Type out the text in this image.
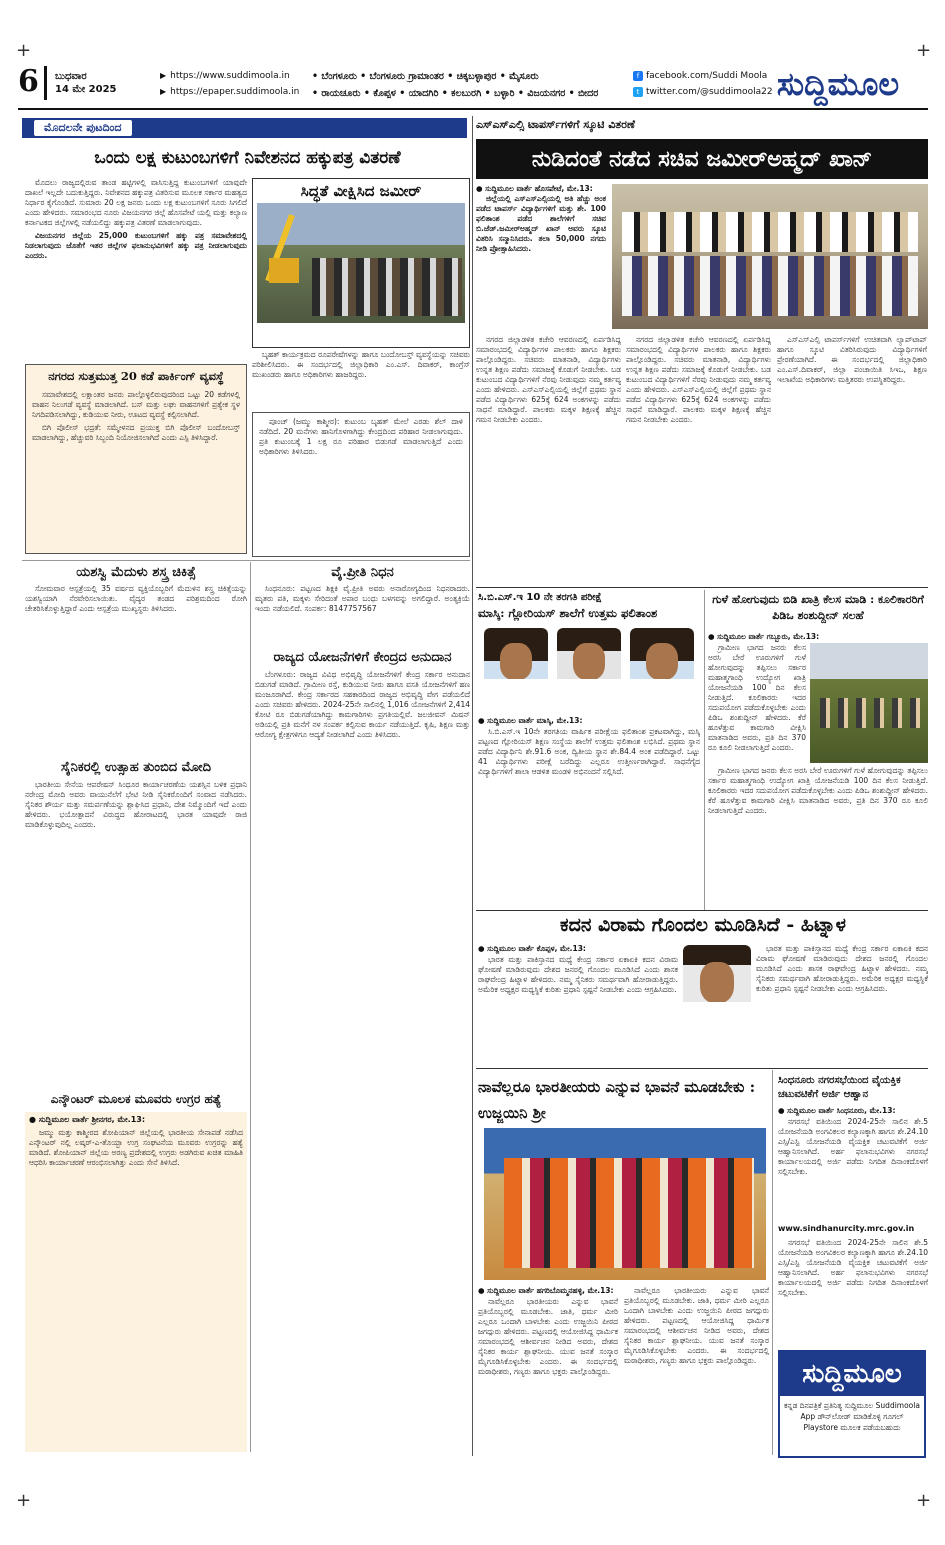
6 ಬುಧವಾರ
14 ಮೇ 2025
▶ https://www.suddimoola.in
▶ https://epaper.suddimoola.in
• ಬೆಂಗಳೂರು • ಬೆಂಗಳೂರು ಗ್ರಾಮಾಂತರ • ಚಿಕ್ಕಬಳ್ಳಾಪುರ • ಮೈಸೂರು
• ರಾಯಚೂರು • ಕೊಪ್ಪಳ • ಯಾದಗಿರಿ • ಕಲಬುರಗಿ • ಬಳ್ಳಾರಿ • ವಿಜಯನಗರ • ಬೀದರ
f facebook.com/Suddi Moola
t twitter.com/@suddimoola22 ಸುದ್ದಿಮೂಲ
ಮೊದಲನೇ ಪುಟದಿಂದ
ಒಂದು ಲಕ್ಷ ಕುಟುಂಬಗಳಿಗೆ ನಿವೇಶನದ ಹಕ್ಕುಪತ್ರ ವಿತರಣೆ

ಮೊದಲು ರಾಜ್ಯದಲ್ಲಿರುವ ತಾಂಡ ಹಟ್ಟಿಗಳಲ್ಲಿ ವಾಸಿಸುತ್ತಿದ್ದ ಕುಟುಂಬಗಳಿಗೆ ಯಾವುದೇ ದಾಖಲೆ ಇಲ್ಲದೇ ಬದುಕುತ್ತಿದ್ದರು. ನಿವೇಶನದ ಹಕ್ಕುಪತ್ರ ವಿತರಿಸುವ ಮೂಲಕ ಸರ್ಕಾರ ಮಹತ್ವದ ನಿರ್ಧಾರ ಕೈಗೊಂಡಿದೆ. ಸುಮಾರು 20 ಲಕ್ಷ ಜನರು ಒಂದು ಲಕ್ಷ ಕುಟುಂಬಗಳಿಗೆ ಸೂರು ಸಿಗಲಿದೆ ಎಂದು ಹೇಳಿದರು. ಸಮಾರಂಭದ ನೂರು ವಿಜಯನಗರ ಜಿಲ್ಲೆ ಹೊಸಪೇಟೆ ಯಲ್ಲಿ ಮತ್ತು ಕಲ್ಯಾಣ ಕರ್ನಾಟಕದ ಜಿಲ್ಲೆಗಳಲ್ಲಿ ನಡೆಯಲಿದ್ದು ಹಕ್ಕುಪತ್ರ ವಿತರಣೆ ಮಾಡಲಾಗುವುದು.

ವಿಜಯನಗರ ಜಿಲ್ಲೆಯ 25,000 ಕುಟುಂಬಗಳಿಗೆ ಹಕ್ಕು ಪತ್ರ ಸಮಾವೇಶದಲ್ಲಿ ನಿಡಲಾಗುವುದು ಜೊತೆಗೆ ಇತರ ಜಿಲ್ಲೆಗಳ ಫಲಾನುಭವಿಗಳಿಗೆ ಹಕ್ಕು ಪತ್ರ ನೀಡಲಾಗುವುದು ಎಂದರು.

ಸಿದ್ಧತೆ ವೀಕ್ಷಿಸಿದ ಜಮೀರ್

ಬೃಹತ್ ಕಾರ್ಯಕ್ರಮದ ರೂಪರೇಷೆಗಳನ್ನು ಹಾಗೂ ಬಂದೋಬಸ್ತ್ ವ್ಯವಸ್ಥೆಯನ್ನು ಸಚಿವರು ಪರಿಶೀಲಿಸಿದರು. ಈ ಸಂದರ್ಭದಲ್ಲಿ ಜಿಲ್ಲಾಧಿಕಾರಿ ಎಂ.ಎಸ್. ದಿವಾಕರ್, ಕಾಂಗ್ರೆಸ್ ಮುಖಂಡರು ಹಾಗೂ ಅಧಿಕಾರಿಗಳು ಹಾಜರಿದ್ದರು.

ನಗರದ ಸುತ್ತಮುತ್ತ 20 ಕಡೆ ಪಾರ್ಕಿಂಗ್ ವ್ಯವಸ್ಥೆ

ಸಮಾವೇಶದಲ್ಲಿ ಲಕ್ಷಾಂತರ ಜನರು ಪಾಲ್ಗೊಳ್ಳಲಿರುವುದರಿಂದ ಒಟ್ಟು 20 ಕಡೆಗಳಲ್ಲಿ ವಾಹನ ನಿಲುಗಡೆ ವ್ಯವಸ್ಥೆ ಮಾಡಲಾಗಿದೆ. ಬಸ್ ಮತ್ತು ಲಘು ವಾಹನಗಳಿಗೆ ಪ್ರತ್ಯೇಕ ಸ್ಥಳ ನಿಗದಿಪಡಿಸಲಾಗಿದ್ದು, ಕುಡಿಯುವ ನೀರು, ಊಟದ ವ್ಯವಸ್ಥೆ ಕಲ್ಪಿಸಲಾಗಿದೆ.

ಬಿಗಿ ಪೊಲೀಸ್ ಭದ್ರತೆ: ಸಮ್ಮೇಳನದ ಪ್ರಯುಕ್ತ ಬಿಗಿ ಪೊಲೀಸ್ ಬಂದೋಬಸ್ತ್ ಮಾಡಲಾಗಿದ್ದು, ಹೆಚ್ಚುವರಿ ಸಿಬ್ಬಂದಿ ನಿಯೋಜಿಸಲಾಗಿದೆ ಎಂದು ಎಸ್ಪಿ ತಿಳಿಸಿದ್ದಾರೆ.

ಪೂಂಚ್ (ಜಮ್ಮು ಕಾಶ್ಮೀರ): ಕುಟುಂಬ ಬೃಹತ್ ಮೇಲೆ ಎರಡು ಶೆಲ್ ದಾಳಿ ನಡೆದಿದೆ. 20 ಮನೆಗಳು ಹಾನಿಗೊಳಗಾಗಿದ್ದು ಕೇಂದ್ರದಿಂದ ಪರಿಹಾರ ನೀಡಲಾಗುವುದು. ಪ್ರತಿ ಕುಟುಂಬಕ್ಕೆ 1 ಲಕ್ಷ ರೂ ಪರಿಹಾರ ಬಿಡುಗಡೆ ಮಾಡಲಾಗುತ್ತಿದೆ ಎಂದು ಅಧಿಕಾರಿಗಳು ತಿಳಿಸಿದರು.

ಯಶಸ್ವಿ ಮೆದುಳು ಶಸ್ತ್ರ ಚಿಕಿತ್ಸೆ

ಸೋಮವಾರ ಆಸ್ಪತ್ರೆಯಲ್ಲಿ 35 ವರ್ಷದ ವ್ಯಕ್ತಿಯೊಬ್ಬರಿಗೆ ಮೆದುಳಿನ ಶಸ್ತ್ರ ಚಿಕಿತ್ಸೆಯನ್ನು ಯಶಸ್ವಿಯಾಗಿ ನೆರವೇರಿಸಲಾಯಿತು. ವೈದ್ಯರ ತಂಡದ ಪರಿಶ್ರಮದಿಂದ ರೋಗಿ ಚೇತರಿಸಿಕೊಳ್ಳುತ್ತಿದ್ದಾರೆ ಎಂದು ಆಸ್ಪತ್ರೆಯ ಮುಖ್ಯಸ್ಥರು ತಿಳಿಸಿದರು.

ಸೈನಿಕರಲ್ಲಿ ಉತ್ಸಾಹ ತುಂಬಿದ ಮೋದಿ

ಭಾರತೀಯ ಸೇನೆಯ ಆಪರೇಷನ್ ಸಿಂಧೂರ ಕಾರ್ಯಾಚರಣೆಯ ಯಶಸ್ಸಿನ ಬಳಿಕ ಪ್ರಧಾನಿ ನರೇಂದ್ರ ಮೋದಿ ಅವರು ವಾಯುನೆಲೆಗೆ ಭೇಟಿ ನೀಡಿ ಸೈನಿಕರೊಂದಿಗೆ ಸಂವಾದ ನಡೆಸಿದರು. ಸೈನಿಕರ ಶೌರ್ಯ ಮತ್ತು ಸಮರ್ಪಣೆಯನ್ನು ಶ್ಲಾಘಿಸಿದ ಪ್ರಧಾನಿ, ದೇಶ ನಿಮ್ಮೊಂದಿಗೆ ಇದೆ ಎಂದು ಹೇಳಿದರು. ಭಯೋತ್ಪಾದನೆ ವಿರುದ್ಧದ ಹೋರಾಟದಲ್ಲಿ ಭಾರತ ಯಾವುದೇ ರಾಜಿ ಮಾಡಿಕೊಳ್ಳುವುದಿಲ್ಲ ಎಂದರು.

ಎನ್ಕೌಂಟರ್ ಮೂಲಕ ಮೂವರು ಉಗ್ರರ ಹತ್ಯೆ
● ಸುದ್ದಿಮೂಲ ವಾರ್ತೆ ಶ್ರೀನಗರ, ಮೇ.13:

ಜಮ್ಮು ಮತ್ತು ಕಾಶ್ಮೀರದ ಶೋಪಿಯಾನ್ ಜಿಲ್ಲೆಯಲ್ಲಿ ಭಾರತೀಯ ಸೇನಾಪಡೆ ನಡೆಸಿದ ಎನ್ಕೌಂಟರ್ ನಲ್ಲಿ ಲಷ್ಕರ್-ಎ-ತೊಯ್ಬಾ ಉಗ್ರ ಸಂಘಟನೆಯ ಮೂವರು ಉಗ್ರರನ್ನು ಹತ್ಯೆ ಮಾಡಿದೆ. ಶೋಪಿಯಾನ್ ಜಿಲ್ಲೆಯ ಅರಣ್ಯ ಪ್ರದೇಶದಲ್ಲಿ ಉಗ್ರರು ಅಡಗಿರುವ ಖಚಿತ ಮಾಹಿತಿ ಆಧರಿಸಿ ಕಾರ್ಯಾಚರಣೆ ಆರಂಭಿಸಲಾಗಿತ್ತು ಎಂದು ಸೇನೆ ತಿಳಿಸಿದೆ.

ವೈ.ಪ್ರೀತಿ ನಿಧನ

ಸಿಂಧನೂರು: ಪಟ್ಟಣದ ಶಿಕ್ಷಕಿ ವೈ.ಪ್ರೀತಿ ಅವರು ಅನಾರೋಗ್ಯದಿಂದ ನಿಧನರಾದರು. ಮೃತರು ಪತಿ, ಮಕ್ಕಳು ಸೇರಿದಂತೆ ಅಪಾರ ಬಂಧು ಬಳಗವನ್ನು ಅಗಲಿದ್ದಾರೆ. ಅಂತ್ಯಕ್ರಿಯೆ ಇಂದು ನಡೆಯಲಿದೆ. ಸಂಪರ್ಕ: 8147757567

ರಾಜ್ಯದ ಯೋಜನೆಗಳಿಗೆ ಕೇಂದ್ರದ ಅನುದಾನ

ಬೆಂಗಳೂರು: ರಾಜ್ಯದ ವಿವಿಧ ಅಭಿವೃದ್ಧಿ ಯೋಜನೆಗಳಿಗೆ ಕೇಂದ್ರ ಸರ್ಕಾರ ಅನುದಾನ ಬಿಡುಗಡೆ ಮಾಡಿದೆ. ಗ್ರಾಮೀಣ ರಸ್ತೆ, ಕುಡಿಯುವ ನೀರು ಹಾಗೂ ವಸತಿ ಯೋಜನೆಗಳಿಗೆ ಹಣ ಮಂಜೂರಾಗಿದೆ. ಕೇಂದ್ರ ಸರ್ಕಾರದ ಸಹಕಾರದಿಂದ ರಾಜ್ಯದ ಅಭಿವೃದ್ಧಿ ವೇಗ ಪಡೆಯಲಿದೆ ಎಂದು ಸಚಿವರು ಹೇಳಿದರು. 2024-25ನೇ ಸಾಲಿನಲ್ಲಿ 1,016 ಯೋಜನೆಗಳಿಗೆ 2,414 ಕೋಟಿ ರೂ ಬಿಡುಗಡೆಯಾಗಿದ್ದು ಕಾಮಗಾರಿಗಳು ಪ್ರಗತಿಯಲ್ಲಿವೆ. ಜಲಜೀವನ್ ಮಿಷನ್ ಅಡಿಯಲ್ಲಿ ಪ್ರತಿ ಮನೆಗೆ ನಳ ಸಂಪರ್ಕ ಕಲ್ಪಿಸುವ ಕಾರ್ಯ ನಡೆಯುತ್ತಿದೆ. ಕೃಷಿ, ಶಿಕ್ಷಣ ಮತ್ತು ಆರೋಗ್ಯ ಕ್ಷೇತ್ರಗಳಿಗೂ ಆದ್ಯತೆ ನೀಡಲಾಗಿದೆ ಎಂದು ತಿಳಿಸಿದರು.

ಎಸ್ಎಸ್ಎಲ್ಸಿ ಟಾಪರ್ಸ್‌ಗಳಿಗೆ ಸ್ಕೂಟಿ ವಿತರಣೆ
ನುಡಿದಂತೆ ನಡೆದ ಸಚಿವ ಜಮೀರ್‌ಅಹ್ಮದ್ ಖಾನ್
● ಸುದ್ದಿಮೂಲ ವಾರ್ತೆ ಹೊಸಪೇಟೆ, ಮೇ.13:

ಜಿಲ್ಲೆಯಲ್ಲಿ ಎಸ್ಎಸ್ಎಲ್ಸಿಯಲ್ಲಿ ಅತಿ ಹೆಚ್ಚು ಅಂಕ ಪಡೆದ ಟಾಪರ್ಸ್ ವಿದ್ಯಾರ್ಥಿಗಳಿಗೆ ಮತ್ತು ಶೇ. 100 ಫಲಿತಾಂಶ ಪಡೆದ ಶಾಲೆಗಳಿಗೆ ಸಚಿವ ಬಿ.ಜೆಡ್.ಜಮೀರ್‌ಅಹ್ಮದ್ ಖಾನ್ ಅವರು ಸ್ಕೂಟಿ ವಿತರಿಸಿ ಸನ್ಮಾನಿಸಿದರು. ತಲಾ 50,000 ನಗದು ನೀಡಿ ಪ್ರೋತ್ಸಾಹಿಸಿದರು.

ನಗರದ ಜಿಲ್ಲಾಡಳಿತ ಕಚೇರಿ ಆವರಣದಲ್ಲಿ ಏರ್ಪಡಿಸಿದ್ದ ಸಮಾರಂಭದಲ್ಲಿ ವಿದ್ಯಾರ್ಥಿಗಳ ಪಾಲಕರು ಹಾಗೂ ಶಿಕ್ಷಕರು ಪಾಲ್ಗೊಂಡಿದ್ದರು. ಸಚಿವರು ಮಾತನಾಡಿ, ವಿದ್ಯಾರ್ಥಿಗಳು ಉನ್ನತ ಶಿಕ್ಷಣ ಪಡೆದು ಸಮಾಜಕ್ಕೆ ಕೊಡುಗೆ ನೀಡಬೇಕು. ಬಡ ಕುಟುಂಬದ ವಿದ್ಯಾರ್ಥಿಗಳಿಗೆ ನೆರವು ನೀಡುವುದು ನಮ್ಮ ಕರ್ತವ್ಯ ಎಂದು ಹೇಳಿದರು. ಎಸ್ಎಸ್ಎಲ್ಸಿಯಲ್ಲಿ ಜಿಲ್ಲೆಗೆ ಪ್ರಥಮ ಸ್ಥಾನ ಪಡೆದ ವಿದ್ಯಾರ್ಥಿಗಳು 625ಕ್ಕೆ 624 ಅಂಕಗಳನ್ನು ಪಡೆದು ಸಾಧನೆ ಮಾಡಿದ್ದಾರೆ. ಪಾಲಕರು ಮಕ್ಕಳ ಶಿಕ್ಷಣಕ್ಕೆ ಹೆಚ್ಚಿನ ಗಮನ ನೀಡಬೇಕು ಎಂದರು.

ನಗರದ ಜಿಲ್ಲಾಡಳಿತ ಕಚೇರಿ ಆವರಣದಲ್ಲಿ ಏರ್ಪಡಿಸಿದ್ದ ಸಮಾರಂಭದಲ್ಲಿ ವಿದ್ಯಾರ್ಥಿಗಳ ಪಾಲಕರು ಹಾಗೂ ಶಿಕ್ಷಕರು ಪಾಲ್ಗೊಂಡಿದ್ದರು. ಸಚಿವರು ಮಾತನಾಡಿ, ವಿದ್ಯಾರ್ಥಿಗಳು ಉನ್ನತ ಶಿಕ್ಷಣ ಪಡೆದು ಸಮಾಜಕ್ಕೆ ಕೊಡುಗೆ ನೀಡಬೇಕು. ಬಡ ಕುಟುಂಬದ ವಿದ್ಯಾರ್ಥಿಗಳಿಗೆ ನೆರವು ನೀಡುವುದು ನಮ್ಮ ಕರ್ತವ್ಯ ಎಂದು ಹೇಳಿದರು. ಎಸ್ಎಸ್ಎಲ್ಸಿಯಲ್ಲಿ ಜಿಲ್ಲೆಗೆ ಪ್ರಥಮ ಸ್ಥಾನ ಪಡೆದ ವಿದ್ಯಾರ್ಥಿಗಳು 625ಕ್ಕೆ 624 ಅಂಕಗಳನ್ನು ಪಡೆದು ಸಾಧನೆ ಮಾಡಿದ್ದಾರೆ. ಪಾಲಕರು ಮಕ್ಕಳ ಶಿಕ್ಷಣಕ್ಕೆ ಹೆಚ್ಚಿನ ಗಮನ ನೀಡಬೇಕು ಎಂದರು.

ಎಸ್ಎಸ್ಎಲ್ಸಿ ಟಾಪರ್ಸ್‌ಗಳಿಗೆ ಉಚಿತವಾಗಿ ಲ್ಯಾಪ್‌ಟಾಪ್ ಹಾಗೂ ಸ್ಕೂಟಿ ವಿತರಿಸಿರುವುದು ವಿದ್ಯಾರ್ಥಿಗಳಿಗೆ ಪ್ರೇರಣೆಯಾಗಿದೆ. ಈ ಸಂದರ್ಭದಲ್ಲಿ ಜಿಲ್ಲಾಧಿಕಾರಿ ಎಂ.ಎಸ್.ದಿವಾಕರ್, ಜಿಲ್ಲಾ ಪಂಚಾಯಿತಿ ಸಿಇಒ, ಶಿಕ್ಷಣ ಇಲಾಖೆಯ ಅಧಿಕಾರಿಗಳು ಮತ್ತಿತರರು ಉಪಸ್ಥಿತರಿದ್ದರು.

ಸಿ.ಬಿ.ಎಸ್.ಇ 10 ನೇ ತರಗತಿ ಪರೀಕ್ಷೆ
ಮಾಸ್ಕಿ: ಗ್ಲೋರಿಯಸ್ ಶಾಲೆಗೆ ಉತ್ತಮ ಫಲಿತಾಂಶ
● ಸುದ್ದಿಮೂಲ ವಾರ್ತೆ ಮಾಸ್ಕಿ, ಮೇ.13:

ಸಿ.ಬಿ.ಎಸ್.ಇ 10ನೇ ತರಗತಿಯ ವಾರ್ಷಿಕ ಪರೀಕ್ಷೆಯ ಫಲಿತಾಂಶ ಪ್ರಕಟವಾಗಿದ್ದು, ಮಸ್ಕಿ ಪಟ್ಟಣದ ಗ್ಲೋರಿಯಸ್ ಶಿಕ್ಷಣ ಸಂಸ್ಥೆಯ ಶಾಲೆಗೆ ಉತ್ತಮ ಫಲಿತಾಂಶ ಲಭಿಸಿದೆ. ಪ್ರಥಮ ಸ್ಥಾನ ಪಡೆದ ವಿದ್ಯಾರ್ಥಿನಿ ಶೇ.91.6 ಅಂಕ, ದ್ವಿತೀಯ ಸ್ಥಾನ ಶೇ.84.4 ಅಂಕ ಪಡೆದಿದ್ದಾರೆ. ಒಟ್ಟು 41 ವಿದ್ಯಾರ್ಥಿಗಳು ಪರೀಕ್ಷೆ ಬರೆದಿದ್ದು ಎಲ್ಲರೂ ಉತ್ತೀರ್ಣರಾಗಿದ್ದಾರೆ. ಸಾಧನೆಗೈದ ವಿದ್ಯಾರ್ಥಿಗಳಿಗೆ ಶಾಲಾ ಆಡಳಿತ ಮಂಡಳಿ ಅಭಿನಂದನೆ ಸಲ್ಲಿಸಿದೆ.

ಗುಳೆ ಹೋಗುವುದು ಬಿಡಿ ಖಾತ್ರಿ ಕೆಲಸ ಮಾಡಿ : ಕೂಲಿಕಾರರಿಗೆ ಪಿಡಿಒ ಶಂಶುದ್ದೀನ್ ಸಲಹೆ
● ಸುದ್ದಿಮೂಲ ವಾರ್ತೆ ಗಬ್ಬೂರು, ಮೇ.13:

ಗ್ರಾಮೀಣ ಭಾಗದ ಜನರು ಕೆಲಸ ಅರಸಿ ಬೇರೆ ಊರುಗಳಿಗೆ ಗುಳೆ ಹೋಗುವುದನ್ನು ತಪ್ಪಿಸಲು ಸರ್ಕಾರ ಮಹಾತ್ಮಗಾಂಧಿ ಉದ್ಯೋಗ ಖಾತ್ರಿ ಯೋಜನೆಯಡಿ 100 ದಿನ ಕೆಲಸ ನೀಡುತ್ತಿದೆ. ಕೂಲಿಕಾರರು ಇದರ ಸದುಪಯೋಗ ಪಡೆದುಕೊಳ್ಳಬೇಕು ಎಂದು ಪಿಡಿಒ ಶಂಶುದ್ದೀನ್ ಹೇಳಿದರು. ಕೆರೆ ಹೂಳೆತ್ತುವ ಕಾಮಗಾರಿ ವೀಕ್ಷಿಸಿ ಮಾತನಾಡಿದ ಅವರು, ಪ್ರತಿ ದಿನ 370 ರೂ ಕೂಲಿ ನೀಡಲಾಗುತ್ತಿದೆ ಎಂದರು.

ಗ್ರಾಮೀಣ ಭಾಗದ ಜನರು ಕೆಲಸ ಅರಸಿ ಬೇರೆ ಊರುಗಳಿಗೆ ಗುಳೆ ಹೋಗುವುದನ್ನು ತಪ್ಪಿಸಲು ಸರ್ಕಾರ ಮಹಾತ್ಮಗಾಂಧಿ ಉದ್ಯೋಗ ಖಾತ್ರಿ ಯೋಜನೆಯಡಿ 100 ದಿನ ಕೆಲಸ ನೀಡುತ್ತಿದೆ. ಕೂಲಿಕಾರರು ಇದರ ಸದುಪಯೋಗ ಪಡೆದುಕೊಳ್ಳಬೇಕು ಎಂದು ಪಿಡಿಒ ಶಂಶುದ್ದೀನ್ ಹೇಳಿದರು. ಕೆರೆ ಹೂಳೆತ್ತುವ ಕಾಮಗಾರಿ ವೀಕ್ಷಿಸಿ ಮಾತನಾಡಿದ ಅವರು, ಪ್ರತಿ ದಿನ 370 ರೂ ಕೂಲಿ ನೀಡಲಾಗುತ್ತಿದೆ ಎಂದರು.

ಕದನ ವಿರಾಮ ಗೊಂದಲ ಮೂಡಿಸಿದೆ - ಹಿಟ್ನಾಳ
● ಸುದ್ದಿಮೂಲ ವಾರ್ತೆ ಕೊಪ್ಪಳ, ಮೇ.13:

ಭಾರತ ಮತ್ತು ಪಾಕಿಸ್ತಾನದ ಮಧ್ಯೆ ಕೇಂದ್ರ ಸರ್ಕಾರ ಏಕಾಏಕಿ ಕದನ ವಿರಾಮ ಘೋಷಣೆ ಮಾಡಿರುವುದು ದೇಶದ ಜನರಲ್ಲಿ ಗೊಂದಲ ಮೂಡಿಸಿದೆ ಎಂದು ಶಾಸಕ ರಾಘವೇಂದ್ರ ಹಿಟ್ನಾಳ ಹೇಳಿದರು. ನಮ್ಮ ಸೈನಿಕರು ಸಮರ್ಥವಾಗಿ ಹೋರಾಡುತ್ತಿದ್ದರು. ಅಮೆರಿಕ ಅಧ್ಯಕ್ಷರ ಮಧ್ಯಸ್ಥಿಕೆ ಕುರಿತು ಪ್ರಧಾನಿ ಸ್ಪಷ್ಟನೆ ನೀಡಬೇಕು ಎಂದು ಆಗ್ರಹಿಸಿದರು.

ಭಾರತ ಮತ್ತು ಪಾಕಿಸ್ತಾನದ ಮಧ್ಯೆ ಕೇಂದ್ರ ಸರ್ಕಾರ ಏಕಾಏಕಿ ಕದನ ವಿರಾಮ ಘೋಷಣೆ ಮಾಡಿರುವುದು ದೇಶದ ಜನರಲ್ಲಿ ಗೊಂದಲ ಮೂಡಿಸಿದೆ ಎಂದು ಶಾಸಕ ರಾಘವೇಂದ್ರ ಹಿಟ್ನಾಳ ಹೇಳಿದರು. ನಮ್ಮ ಸೈನಿಕರು ಸಮರ್ಥವಾಗಿ ಹೋರಾಡುತ್ತಿದ್ದರು. ಅಮೆರಿಕ ಅಧ್ಯಕ್ಷರ ಮಧ್ಯಸ್ಥಿಕೆ ಕುರಿತು ಪ್ರಧಾನಿ ಸ್ಪಷ್ಟನೆ ನೀಡಬೇಕು ಎಂದು ಆಗ್ರಹಿಸಿದರು.

ನಾವೆಲ್ಲರೂ ಭಾರತೀಯರು ಎನ್ನುವ ಭಾವನೆ ಮೂಡಬೇಕು : ಉಜ್ಜಯಿನಿ ಶ್ರೀ
● ಸುದ್ದಿಮೂಲ ವಾರ್ತೆ ಹಗರಿಬೊಮ್ಮನಹಳ್ಳಿ, ಮೇ.13:

ನಾವೆಲ್ಲರೂ ಭಾರತೀಯರು ಎನ್ನುವ ಭಾವನೆ ಪ್ರತಿಯೊಬ್ಬರಲ್ಲಿ ಮೂಡಬೇಕು. ಜಾತಿ, ಧರ್ಮ ಮೀರಿ ಎಲ್ಲರೂ ಒಂದಾಗಿ ಬಾಳಬೇಕು ಎಂದು ಉಜ್ಜಯಿನಿ ಪೀಠದ ಜಗದ್ಗುರು ಹೇಳಿದರು. ಪಟ್ಟಣದಲ್ಲಿ ಆಯೋಜಿಸಿದ್ದ ಧಾರ್ಮಿಕ ಸಮಾರಂಭದಲ್ಲಿ ಆಶೀರ್ವಚನ ನೀಡಿದ ಅವರು, ದೇಶದ ಸೈನಿಕರ ಕಾರ್ಯ ಶ್ಲಾಘನೀಯ. ಯುವ ಜನತೆ ಸಂಸ್ಕಾರ ಮೈಗೂಡಿಸಿಕೊಳ್ಳಬೇಕು ಎಂದರು. ಈ ಸಂದರ್ಭದಲ್ಲಿ ಮಠಾಧೀಶರು, ಗಣ್ಯರು ಹಾಗೂ ಭಕ್ತರು ಪಾಲ್ಗೊಂಡಿದ್ದರು.

ನಾವೆಲ್ಲರೂ ಭಾರತೀಯರು ಎನ್ನುವ ಭಾವನೆ ಪ್ರತಿಯೊಬ್ಬರಲ್ಲಿ ಮೂಡಬೇಕು. ಜಾತಿ, ಧರ್ಮ ಮೀರಿ ಎಲ್ಲರೂ ಒಂದಾಗಿ ಬಾಳಬೇಕು ಎಂದು ಉಜ್ಜಯಿನಿ ಪೀಠದ ಜಗದ್ಗುರು ಹೇಳಿದರು. ಪಟ್ಟಣದಲ್ಲಿ ಆಯೋಜಿಸಿದ್ದ ಧಾರ್ಮಿಕ ಸಮಾರಂಭದಲ್ಲಿ ಆಶೀರ್ವಚನ ನೀಡಿದ ಅವರು, ದೇಶದ ಸೈನಿಕರ ಕಾರ್ಯ ಶ್ಲಾಘನೀಯ. ಯುವ ಜನತೆ ಸಂಸ್ಕಾರ ಮೈಗೂಡಿಸಿಕೊಳ್ಳಬೇಕು ಎಂದರು. ಈ ಸಂದರ್ಭದಲ್ಲಿ ಮಠಾಧೀಶರು, ಗಣ್ಯರು ಹಾಗೂ ಭಕ್ತರು ಪಾಲ್ಗೊಂಡಿದ್ದರು.

ಸಿಂಧನೂರು ನಗರಸಭೆಯಿಂದ ವೈಯಕ್ತಿಕ ಚಟುವಟಿಕೆಗೆ ಅರ್ಜಿ ಆಹ್ವಾನ
● ಸುದ್ದಿಮೂಲ ವಾರ್ತೆ ಸಿಂಧನೂರು, ಮೇ.13:

ನಗರಸಭೆ ವತಿಯಿಂದ 2024-25ನೇ ಸಾಲಿನ ಶೇ.5 ಯೋಜನೆಯಡಿ ಅಂಗವಿಕಲರ ಕಲ್ಯಾಣಕ್ಕಾಗಿ ಹಾಗೂ ಶೇ.24.10 ಎಸ್ಸಿ/ಎಸ್ಟಿ ಯೋಜನೆಯಡಿ ವೈಯಕ್ತಿಕ ಚಟುವಟಿಕೆಗೆ ಅರ್ಜಿ ಆಹ್ವಾನಿಸಲಾಗಿದೆ. ಅರ್ಹ ಫಲಾನುಭವಿಗಳು ನಗರಸಭೆ ಕಾರ್ಯಾಲಯದಲ್ಲಿ ಅರ್ಜಿ ಪಡೆದು ನಿಗದಿತ ದಿನಾಂಕದೊಳಗೆ ಸಲ್ಲಿಸಬೇಕು.

www.sindhanurcity.mrc.gov.in

ನಗರಸಭೆ ವತಿಯಿಂದ 2024-25ನೇ ಸಾಲಿನ ಶೇ.5 ಯೋಜನೆಯಡಿ ಅಂಗವಿಕಲರ ಕಲ್ಯಾಣಕ್ಕಾಗಿ ಹಾಗೂ ಶೇ.24.10 ಎಸ್ಸಿ/ಎಸ್ಟಿ ಯೋಜನೆಯಡಿ ವೈಯಕ್ತಿಕ ಚಟುವಟಿಕೆಗೆ ಅರ್ಜಿ ಆಹ್ವಾನಿಸಲಾಗಿದೆ. ಅರ್ಹ ಫಲಾನುಭವಿಗಳು ನಗರಸಭೆ ಕಾರ್ಯಾಲಯದಲ್ಲಿ ಅರ್ಜಿ ಪಡೆದು ನಿಗದಿತ ದಿನಾಂಕದೊಳಗೆ ಸಲ್ಲಿಸಬೇಕು.

ಸುದ್ದಿಮೂಲ
ಕನ್ನಡ ದಿನಪತ್ರಿಕೆ ಪ್ರತಿನಿತ್ಯ ಸುದ್ದಿಮೂಲ Suddimoola App ಡೌನ್‌ಲೋಡ್ ಮಾಡಿಕೊಳ್ಳಿ ಗೂಗಲ್ Playstore ಮೂಲಕ ಪಡೆಯಬಹುದು
+	+
+	+
